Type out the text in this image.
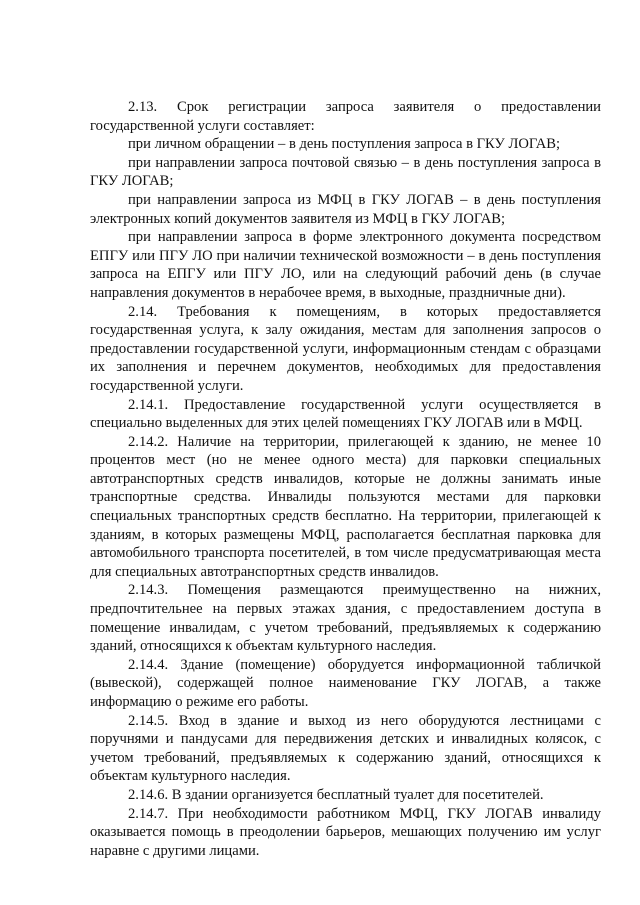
2.13. Срок регистрации запроса заявителя о предоставлении государственной услуги составляет:

при личном обращении – в день поступления запроса в ГКУ ЛОГАВ;

при направлении запроса почтовой связью – в день поступления запроса в ГКУ ЛОГАВ;

при направлении запроса из МФЦ в ГКУ ЛОГАВ – в день поступления электронных копий документов заявителя из МФЦ в ГКУ ЛОГАВ;

при направлении запроса в форме электронного документа посредством ЕПГУ или ПГУ ЛО при наличии технической возможности – в день поступления запроса на ЕПГУ или ПГУ ЛО, или на следующий рабочий день (в случае направления документов в нерабочее время, в выходные, праздничные дни).

2.14. Требования к помещениям, в которых предоставляется государственная услуга, к залу ожидания, местам для заполнения запросов о предоставлении государственной услуги, информационным стендам с образцами их заполнения и перечнем документов, необходимых для предоставления государственной услуги.

2.14.1. Предоставление государственной услуги осуществляется в специально выделенных для этих целей помещениях ГКУ ЛОГАВ или в МФЦ.

2.14.2. Наличие на территории, прилегающей к зданию, не менее 10 процентов мест (но не менее одного места) для парковки специальных автотранспортных средств инвалидов, которые не должны занимать иные транспортные средства. Инвалиды пользуются местами для парковки специальных транспортных средств бесплатно. На территории, прилегающей к зданиям, в которых размещены МФЦ, располагается бесплатная парковка для автомобильного транспорта посетителей, в том числе предусматривающая места для специальных автотранспортных средств инвалидов.

2.14.3. Помещения размещаются преимущественно на нижних, предпочтительнее на первых этажах здания, с предоставлением доступа в помещение инвалидам, с учетом требований, предъявляемых к содержанию зданий, относящихся к объектам культурного наследия.

2.14.4. Здание (помещение) оборудуется информационной табличкой (вывеской), содержащей полное наименование ГКУ ЛОГАВ, а также информацию о режиме его работы.

2.14.5. Вход в здание и выход из него оборудуются лестницами с поручнями и пандусами для передвижения детских и инвалидных колясок, с учетом требований, предъявляемых к содержанию зданий, относящихся к объектам культурного наследия.

2.14.6. В здании организуется бесплатный туалет для посетителей.

2.14.7. При необходимости работником МФЦ, ГКУ ЛОГАВ инвалиду оказывается помощь в преодолении барьеров, мешающих получению им услуг наравне с другими лицами.
